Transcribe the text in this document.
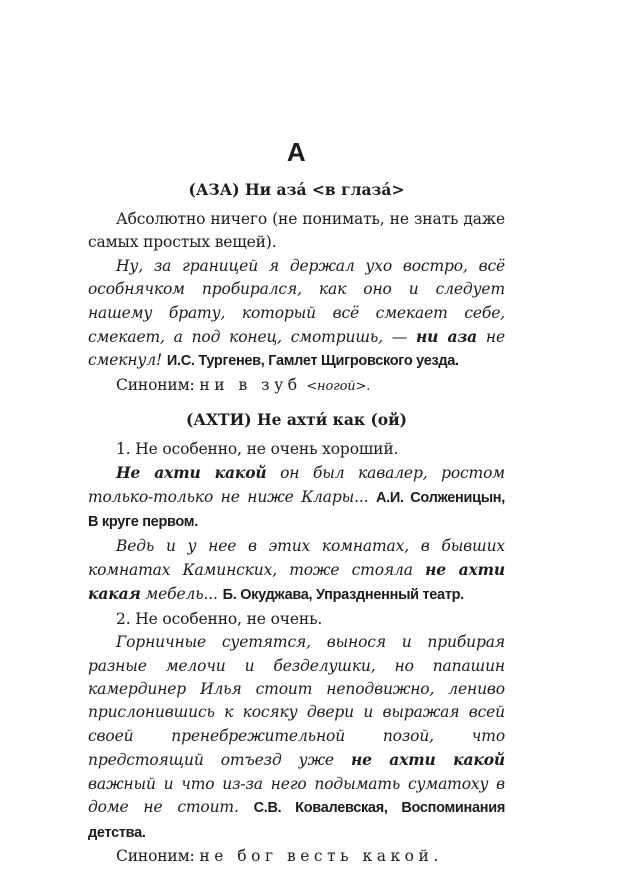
А
(АЗА) Ни аза́ <в глаза́>

Абсолютно ничего (не понимать, не знать даже самых простых вещей).

Ну, за границей я держал ухо востро, всё особнячком пробирался, как оно и следует нашему брату, который всё смекает себе, смекает, а под конец, смотришь, — ни аза не смекнул! И.С. Тургенев, Гамлет Щигровского уезда.

Синоним: ни в зуб <ногой>.

(АХТИ) Не ахти́ как (ой)

1. Не особенно, не очень хороший.

Не ахти какой он был кавалер, ростом только-только не ниже Клары... А.И. Солженицын, В круге первом.

Ведь и у нее в этих комнатах, в бывших комнатах Каминских, тоже стояла не ахти какая мебель... Б. Окуджава, Упраздненный театр.

2. Не особенно, не очень.

Горничные суетятся, вынося и прибирая разные мелочи и безделушки, но папашин камердинер Илья стоит неподвижно, лениво прислонившись к косяку двери и выражая всей своей пренебрежительной позой, что предстоящий отъезд уже не ахти какой важный и что из-за него подымать суматоху в доме не стоит. С.В. Ковалевская, Воспоминания детства.

Синоним: не бог весть какой.
